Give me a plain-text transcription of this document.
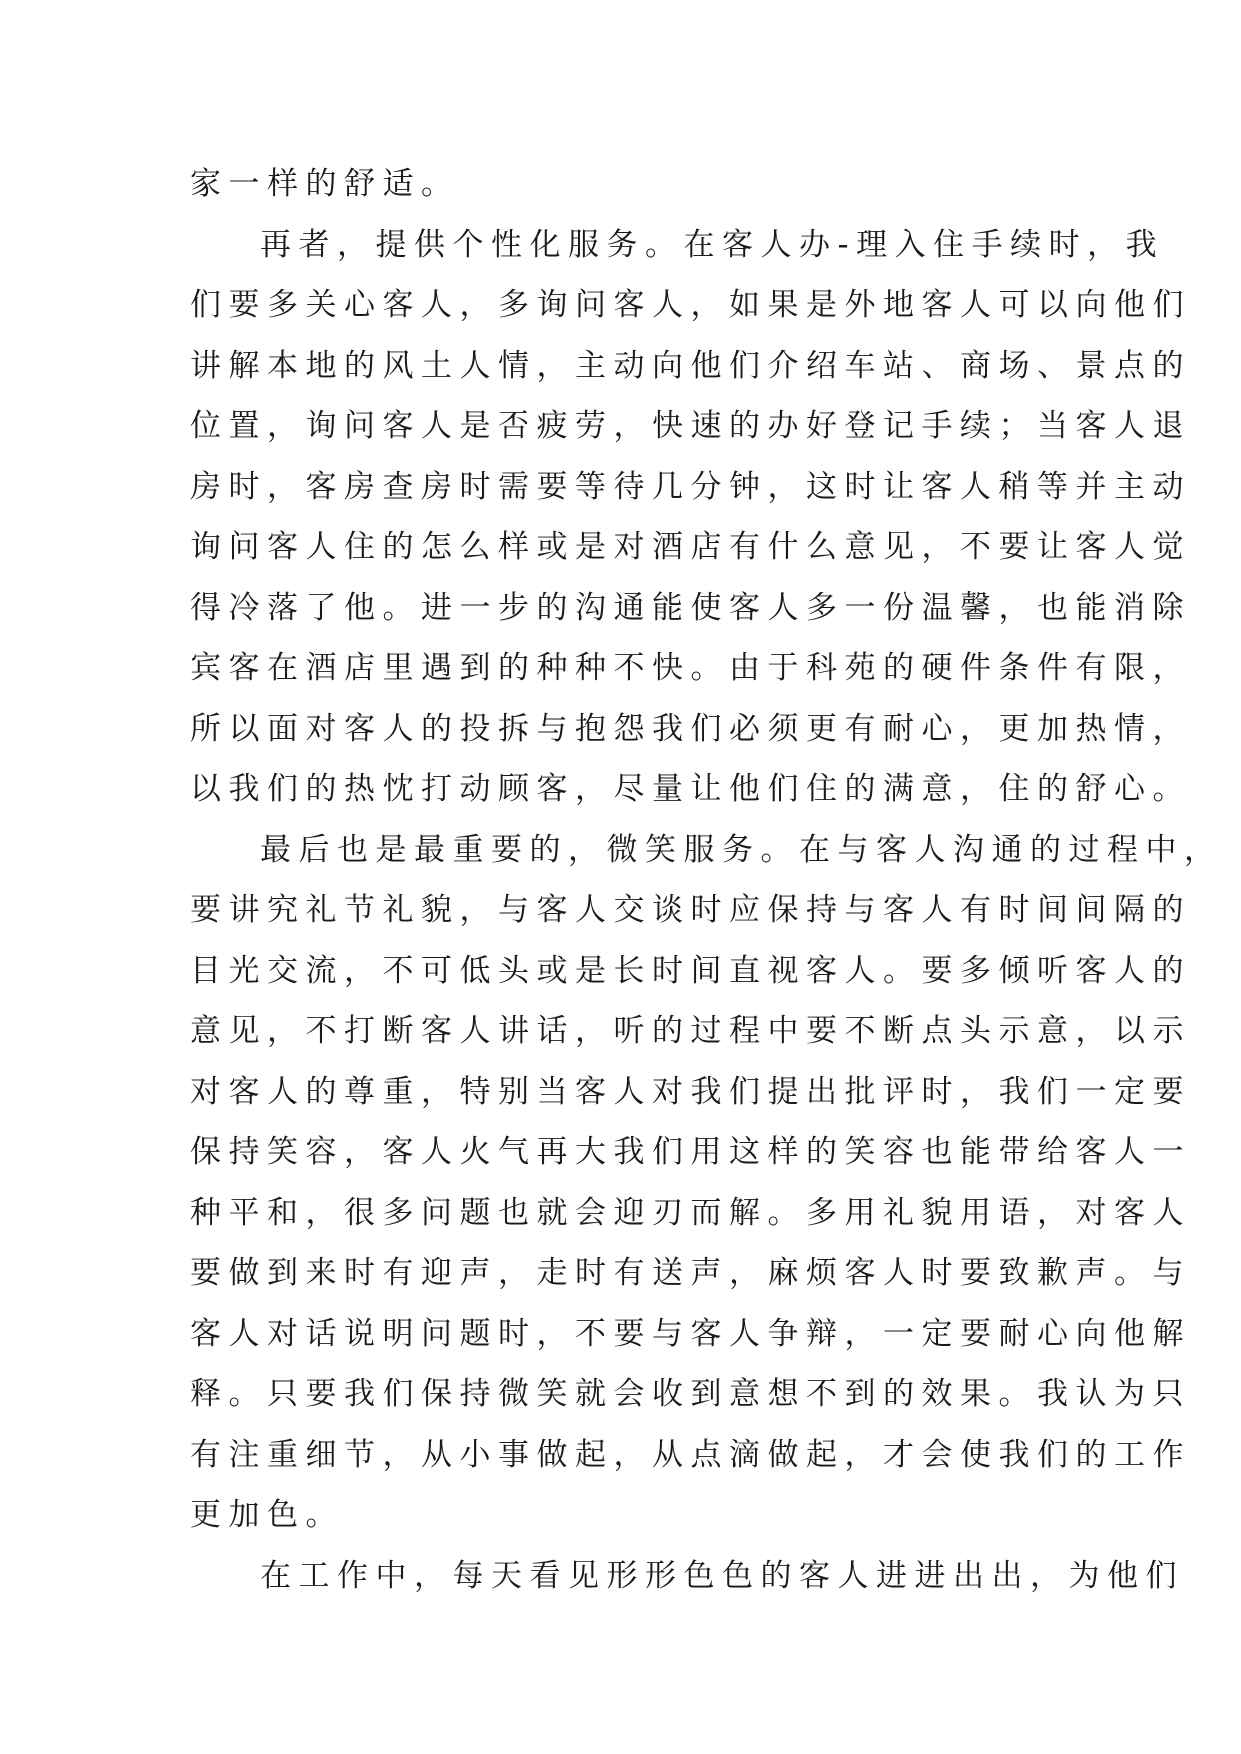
家一样的舒适。
再者，提供个性化服务。在客人办-理入住手续时，我
们要多关心客人，多询问客人，如果是外地客人可以向他们
讲解本地的风土人情，主动向他们介绍车站、商场、景点的
位置，询问客人是否疲劳，快速的办好登记手续；当客人退
房时，客房查房时需要等待几分钟，这时让客人稍等并主动
询问客人住的怎么样或是对酒店有什么意见，不要让客人觉
得冷落了他。进一步的沟通能使客人多一份温馨，也能消除
宾客在酒店里遇到的种种不快。由于科苑的硬件条件有限，
所以面对客人的投拆与抱怨我们必须更有耐心，更加热情，
以我们的热忱打动顾客，尽量让他们住的满意，住的舒心。
最后也是最重要的，微笑服务。在与客人沟通的过程中，
要讲究礼节礼貌，与客人交谈时应保持与客人有时间间隔的
目光交流，不可低头或是长时间直视客人。要多倾听客人的
意见，不打断客人讲话，听的过程中要不断点头示意，以示
对客人的尊重，特别当客人对我们提出批评时，我们一定要
保持笑容，客人火气再大我们用这样的笑容也能带给客人一
种平和，很多问题也就会迎刃而解。多用礼貌用语，对客人
要做到来时有迎声，走时有送声，麻烦客人时要致歉声。与
客人对话说明问题时，不要与客人争辩，一定要耐心向他解
释。只要我们保持微笑就会收到意想不到的效果。我认为只
有注重细节，从小事做起，从点滴做起，才会使我们的工作
更加色。
在工作中，每天看见形形色色的客人进进出出，为他们
